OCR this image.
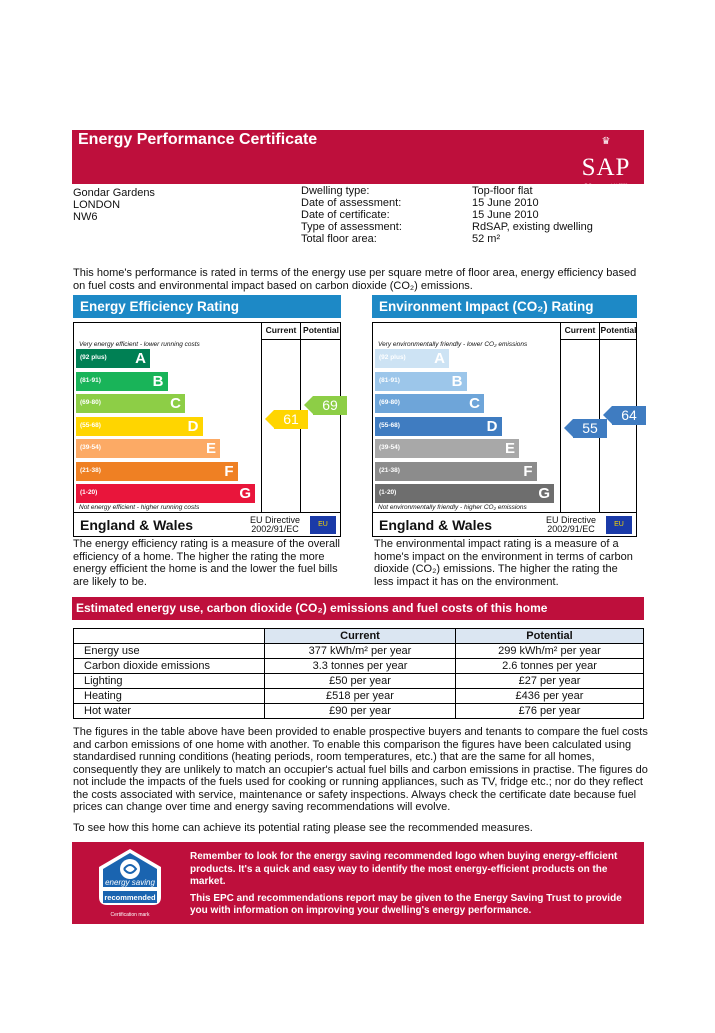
Energy Performance Certificate	♛
SAP
© Crown copyright 2009
Gondar Gardens
LONDON
NW6
Dwelling type:	Top-floor flat
Date of assessment:	15 June 2010
Date of certificate:	15 June 2010
Type of assessment:	RdSAP, existing dwelling
Total floor area:	52 m²
This home's performance is rated in terms of the energy use per square metre of floor area, energy efficiency based on fuel costs and environmental impact based on carbon dioxide (CO₂) emissions.
Energy Efficiency Rating
Current Potential
Very energy efficient - lower running costs
Not energy efficient - higher running costs
(92 plus) A
(81-91)	B
(69-80)	C
(55-68)	D
(39-54)	E
(21-38)	F
(1-20)	G
England & Wales	EU Directive
2002/91/EC	EU
61
69
Environment Impact (CO₂) Rating
Current Potential
Very environmentally friendly - lower CO₂ emissions
Not environmentally friendly - higher CO₂ emissions
(92 plus) A
(81-91)	B
(69-80)	C
(55-68)	D
(39-54)	E
(21-38)	F
(1-20)	G
England & Wales	EU Directive
2002/91/EC	EU
55
64
The energy efficiency rating is a measure of the overall efficiency of a home. The higher the rating the more energy efficient the home is and the lower the fuel bills are likely to be.
The environmental impact rating is a measure of a home's impact on the environment in terms of carbon dioxide (CO₂) emissions. The higher the rating the less impact it has on the environment.
Estimated energy use, carbon dioxide (CO₂) emissions and fuel costs of this home
	Current	Potential
Energy use	377 kWh/m² per year	299 kWh/m² per year
Carbon dioxide emissions	3.3 tonnes per year	2.6 tonnes per year
Lighting	£50 per year	£27 per year
Heating	£518 per year	£436 per year
Hot water	£90 per year	£76 per year
The figures in the table above have been provided to enable prospective buyers and tenants to compare the fuel costs and carbon emissions of one home with another. To enable this comparison the figures have been calculated using standardised running conditions (heating periods, room temperatures, etc.) that are the same for all homes, consequently they are unlikely to match an occupier's actual fuel bills and carbon emissions in practise. The figures do not include the impacts of the fuels used for cooking or running appliances, such as TV, fridge etc.; nor do they reflect the costs associated with service, maintenance or safety inspections. Always check the certificate date because fuel prices can change over time and energy saving recommendations will evolve.
To see how this home can achieve its potential rating please see the recommended measures.
energy saving
recommended
Certification mark
Remember to look for the energy saving recommended logo when buying energy-efficient products. It's a quick and easy way to identify the most energy-efficient products on the market.
This EPC and recommendations report may be given to the Energy Saving Trust to provide you with information on improving your dwelling's energy performance.
